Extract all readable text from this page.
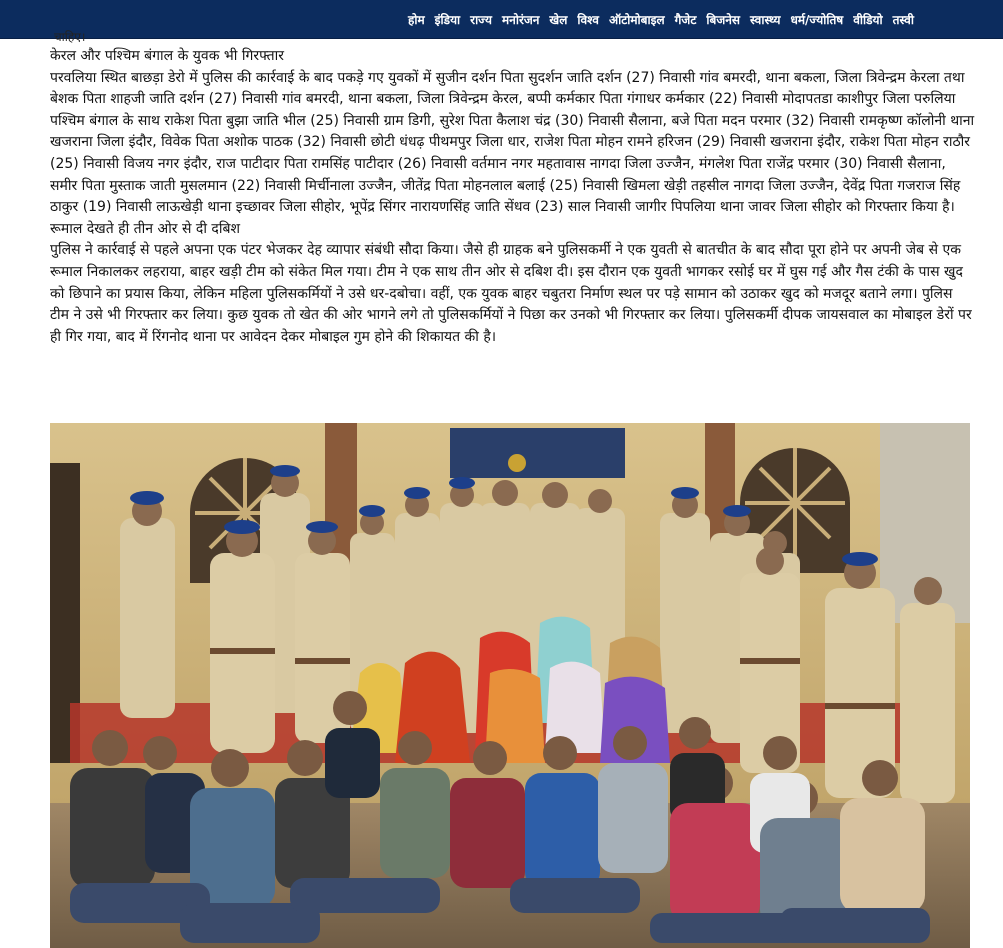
होम इंडिया राज्य मनोरंजन खेल विश्व ऑटोमोबाइल गैजेट बिजनेस स्वास्थ्य धर्म/ज्योतिष वीडियो तस्वी
चाहिए।

केरल और पश्चिम बंगाल के युवक भी गिरफ्तार

परवलिया स्थित बाछड़ा डेरो में पुलिस की कार्रवाई के बाद पकड़े गए युवकों में सुजीन दर्शन पिता सुदर्शन जाति दर्शन (27) निवासी गांव बमरदी, थाना बकला, जिला त्रिवेन्द्रम केरला तथा बेशक पिता शाहजी जाति दर्शन (27) निवासी गांव बमरदी, थाना बकला, जिला त्रिवेन्द्रम केरल, बप्पी कर्मकार पिता गंगाधर कर्मकार (22) निवासी मोदापतडा काशीपुर जिला परुलिया पश्चिम बंगाल के साथ राकेश पिता बुझा जाति भील (25) निवासी ग्राम डिगी, सुरेश पिता कैलाश चंद्र (30) निवासी सैलाना, बजे पिता मदन परमार (32) निवासी रामकृष्ण कॉलोनी थाना खजराना जिला इंदौर, विवेक पिता अशोक पाठक (32) निवासी छोटी धंधढ़ पीथमपुर जिला धार, राजेश पिता मोहन रामने हरिजन (29) निवासी खजराना इंदौर, राकेश पिता मोहन राठौर (25) निवासी विजय नगर इंदौर, राज पाटीदार पिता रामसिंह पाटीदार (26) निवासी वर्तमान नगर महतावास नागदा जिला उज्जैन, मंगलेश पिता राजेंद्र परमार (30) निवासी सैलाना, समीर पिता मुस्ताक जाती मुसलमान (22) निवासी मिर्चीनाला उज्जैन, जीतेंद्र पिता मोहनलाल बलाई (25) निवासी खिमला खेड़ी तहसील नागदा जिला उज्जैन, देवेंद्र पिता गजराज सिंह ठाकुर (19) निवासी लाऊखेड़ी थाना इच्छावर जिला सीहोर, भूपेंद्र सिंगर नारायणसिंह जाति सेंधव (23) साल निवासी जागीर पिपलिया थाना जावर जिला सीहोर को गिरफ्तार किया है।

रूमाल देखते ही तीन ओर से दी दबिश

पुलिस ने कार्रवाई से पहले अपना एक पंटर भेजकर देह व्यापार संबंधी सौदा किया। जैसे ही ग्राहक बने पुलिसकर्मी ने एक युवती से बातचीत के बाद सौदा पूरा होने पर अपनी जेब से एक रूमाल निकालकर लहराया, बाहर खड़ी टीम को संकेत मिल गया। टीम ने एक साथ तीन ओर से दबिश दी। इस दौरान एक युवती भागकर रसोई घर में घुस गई और गैस टंकी के पास खुद को छिपाने का प्रयास किया, लेकिन महिला पुलिसकर्मियों ने उसे धर-दबोचा। वहीं, एक युवक बाहर चबुतरा निर्माण स्थल पर पड़े सामान को उठाकर खुद को मजदूर बताने लगा। पुलिस टीम ने उसे भी गिरफ्तार कर लिया। कुछ युवक तो खेत की ओर भागने लगे तो पुलिसकर्मियों ने पिछा कर उनको भी गिरफ्तार कर लिया। पुलिसकर्मी दीपक जायसवाल का मोबाइल डेरों पर ही गिर गया, बाद में रिंगनोद थाना पर आवेदन देकर मोबाइल गुम होने की शिकायत की है।
